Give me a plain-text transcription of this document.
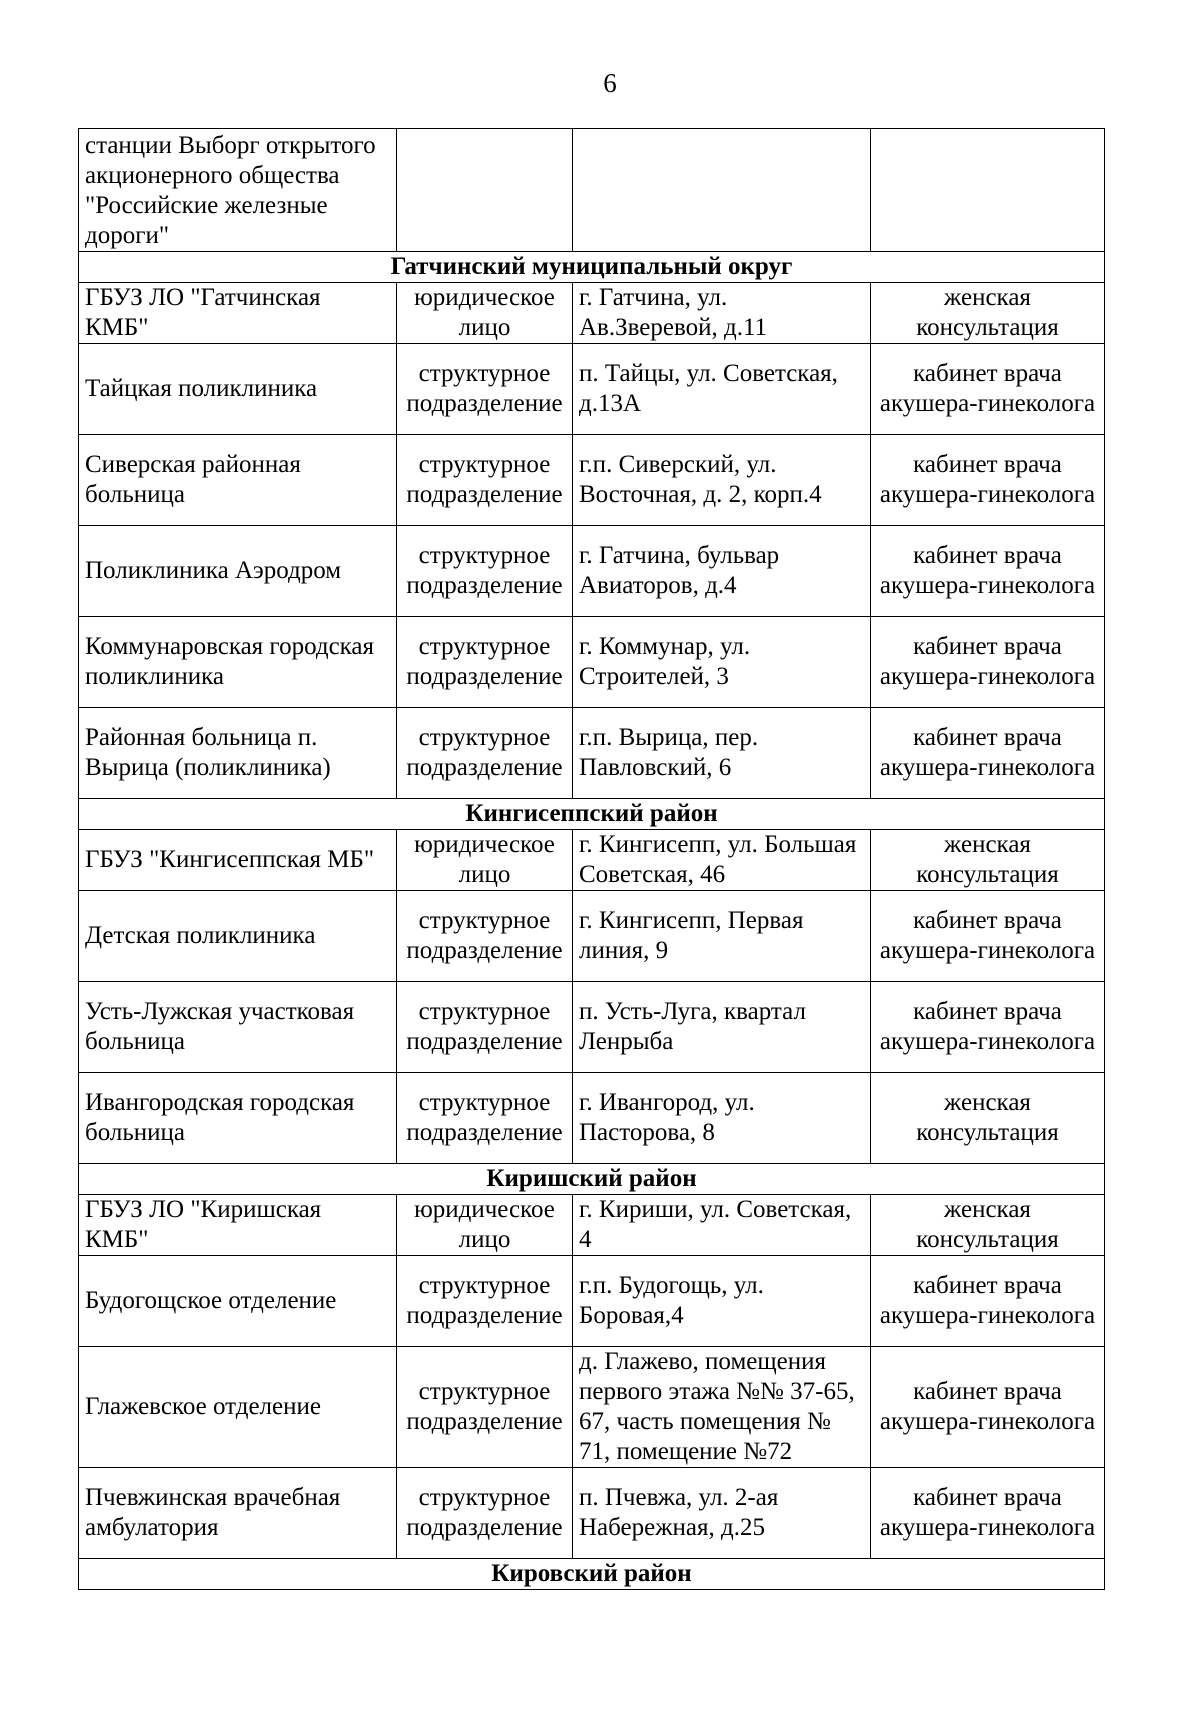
6
станции Выборг открытого акционерного общества "Российские железные дороги"			
Гатчинский муниципальный округ			
ГБУЗ ЛО "Гатчинская КМБ"	юридическое лицо	г. Гатчина, ул. Ав.Зверевой, д.11	женская консультация
Тайцкая поликлиника	структурное подразделение	п. Тайцы, ул. Советская, д.13А	кабинет врача акушера-гинеколога
Сиверская районная больница	структурное подразделение	г.п. Сиверский, ул. Восточная, д. 2, корп.4	кабинет врача акушера-гинеколога
Поликлиника Аэродром	структурное подразделение	г. Гатчина, бульвар Авиаторов, д.4	кабинет врача акушера-гинеколога
Коммунаровская городская поликлиника	структурное подразделение	г. Коммунар, ул. Строителей, 3	кабинет врача акушера-гинеколога
Районная больница п. Вырица (поликлиника)	структурное подразделение	г.п. Вырица, пер. Павловский, 6	кабинет врача акушера-гинеколога
Кингисеппский район			
ГБУЗ "Кингисеппская МБ"	юридическое лицо	г. Кингисепп, ул. Большая Советская, 46	женская консультация
Детская поликлиника	структурное подразделение	г. Кингисепп, Первая линия, 9	кабинет врача акушера-гинеколога
Усть-Лужская участковая больница	структурное подразделение	п. Усть-Луга, квартал Ленрыба	кабинет врача акушера-гинеколога
Ивангородская городская больница	структурное подразделение	г. Ивангород, ул. Пасторова, 8	женская консультация
Киришский район			
ГБУЗ ЛО "Киришская КМБ"	юридическое лицо	г. Кириши, ул. Советская, 4	женская консультация
Будогощское отделение	структурное подразделение	г.п. Будогощь, ул. Боровая,4	кабинет врача акушера-гинеколога
Глажевское отделение	структурное подразделение	д. Глажево, помещения первого этажа №№ 37-65, 67, часть помещения № 71, помещение №72	кабинет врача акушера-гинеколога
Пчевжинская врачебная амбулатория	структурное подразделение	п. Пчевжа, ул. 2-ая Набережная, д.25	кабинет врача акушера-гинеколога
Кировский район			
